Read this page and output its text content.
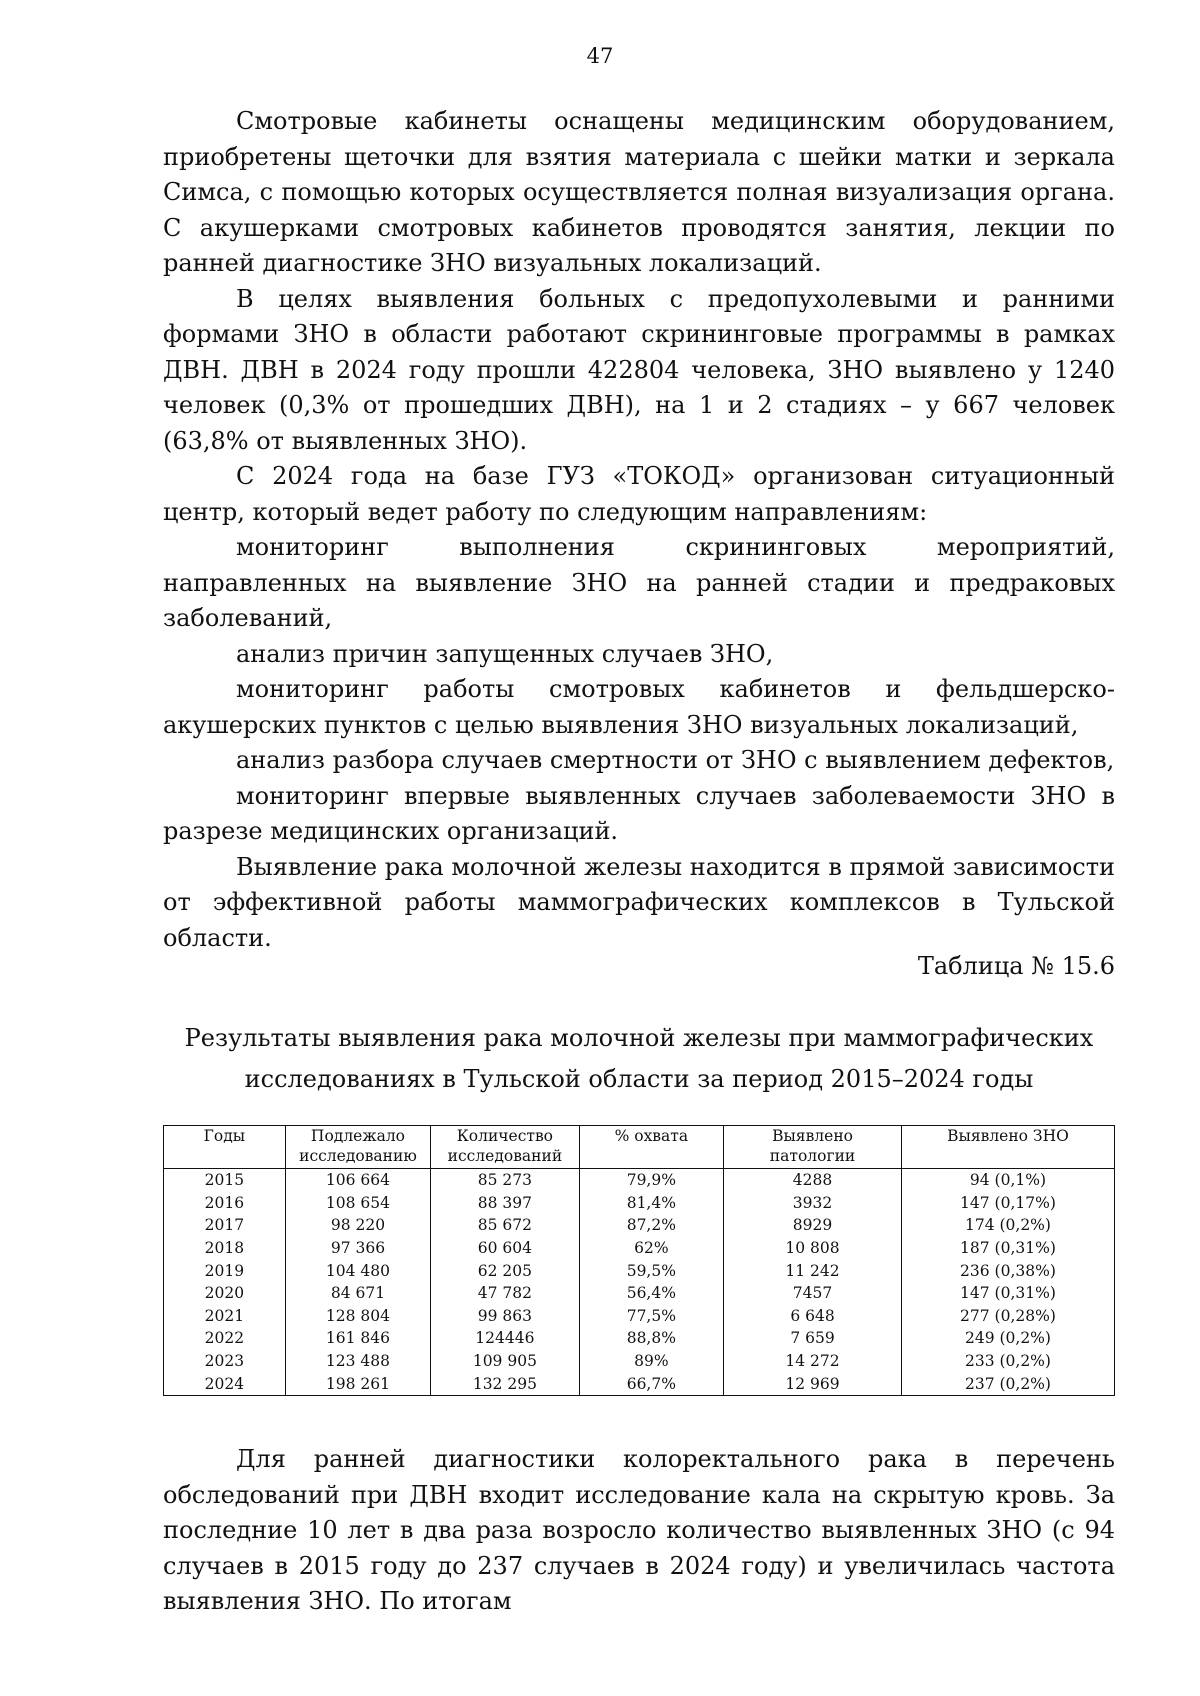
47

Смотровые кабинеты оснащены медицинским оборудованием, приобретены щеточки для взятия материала с шейки матки и зеркала Симса, с помощью которых осуществляется полная визуализация органа. С акушерками смотровых кабинетов проводятся занятия, лекции по ранней диагностике ЗНО визуальных локализаций.

В целях выявления больных с предопухолевыми и ранними формами ЗНО в области работают скрининговые программы в рамках ДВН. ДВН в 2024 году прошли 422804 человека, ЗНО выявлено у 1240 человек (0,3% от прошедших ДВН), на 1 и 2 стадиях – у 667 человек (63,8% от выявленных ЗНО).

С 2024 года на базе ГУЗ «ТОКОД» организован ситуационный центр, который ведет работу по следующим направлениям:

мониторинг выполнения скрининговых мероприятий, направленных на выявление ЗНО на ранней стадии и предраковых заболеваний,

анализ причин запущенных случаев ЗНО,

мониторинг работы смотровых кабинетов и фельдшерско-акушерских пунктов с целью выявления ЗНО визуальных локализаций,

анализ разбора случаев смертности от ЗНО с выявлением дефектов,

мониторинг впервые выявленных случаев заболеваемости ЗНО в разрезе медицинских организаций.

Выявление рака молочной железы находится в прямой зависимости от эффективной работы маммографических комплексов в Тульской области.

Таблица № 15.6
Результаты выявления рака молочной железы при маммографических
исследованиях в Тульской области за период 2015–2024 годы
Годы	Подлежало исследованию	Количество исследований	% охвата	Выявлено патологии	Выявлено ЗНО
2015	106 664	85 273	79,9%	4288	94 (0,1%)
2016	108 654	88 397	81,4%	3932	147 (0,17%)
2017	98 220	85 672	87,2%	8929	174 (0,2%)
2018	97 366	60 604	62%	10 808	187 (0,31%)
2019	104 480	62 205	59,5%	11 242	236 (0,38%)
2020	84 671	47 782	56,4%	7457	147 (0,31%)
2021	128 804	99 863	77,5%	6 648	277 (0,28%)
2022	161 846	124446	88,8%	7 659	249 (0,2%)
2023	123 488	109 905	89%	14 272	233 (0,2%)
2024	198 261	132 295	66,7%	12 969	237 (0,2%)

Для ранней диагностики колоректального рака в перечень обследований при ДВН входит исследование кала на скрытую кровь. За последние 10 лет в два раза возросло количество выявленных ЗНО (с 94 случаев в 2015 году до 237 случаев в 2024 году) и увеличилась частота выявления ЗНО. По итогам
